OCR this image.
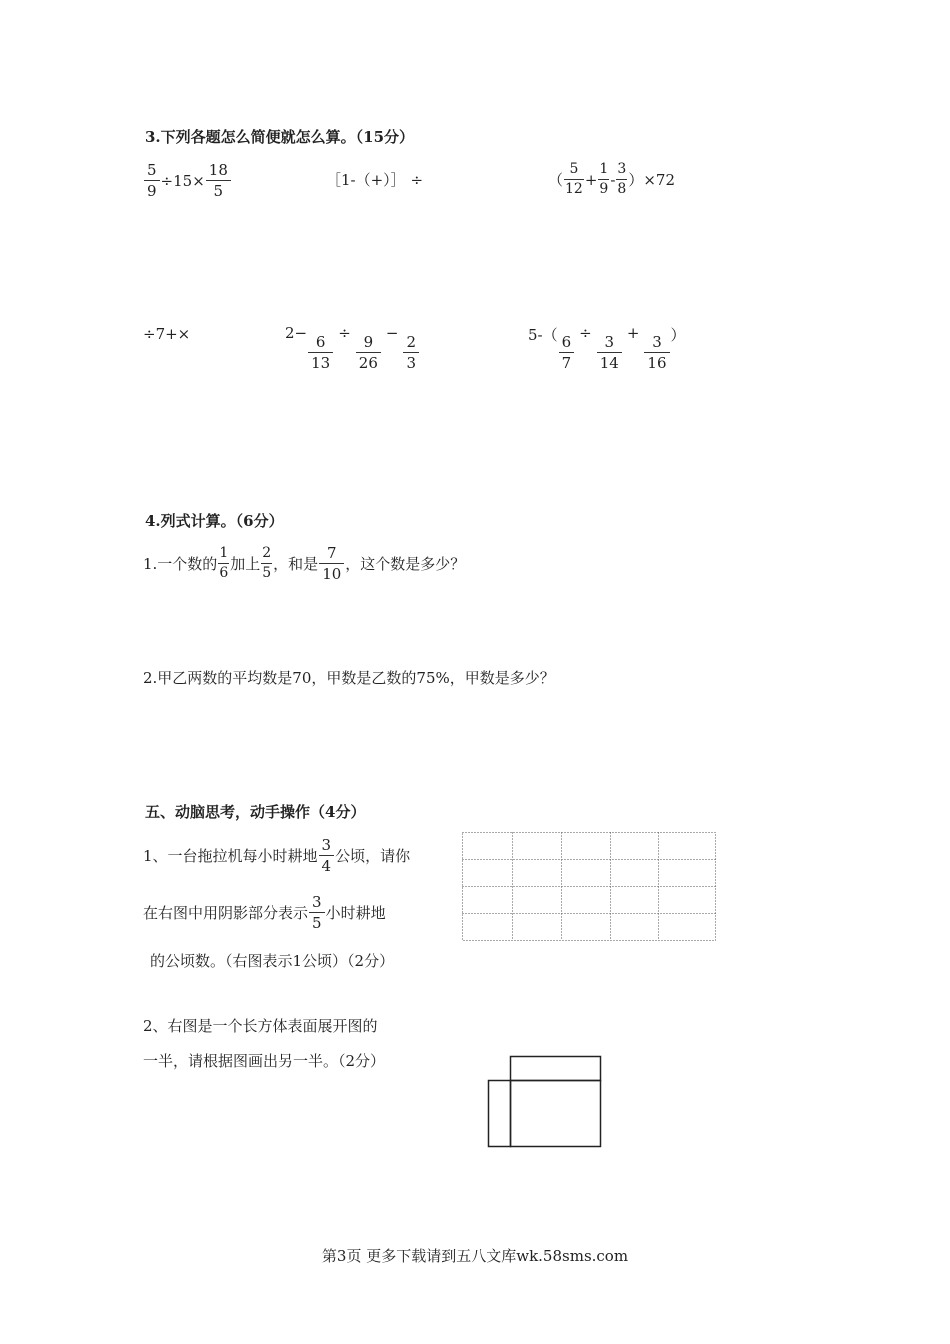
3.下列各题怎么简便就怎么算。（15分）
$\frac{5}{9} \div 15\times \frac{18}{5}$	［1-（+）］ ÷	（ $\frac{5}{12} + \frac{1}{9} - \frac{3}{8} )\times 72$
÷7+×	$2- \frac{6}{13} \div \frac{9}{26} - \frac{2}{3}$	$5-( \frac{6}{7} \div \frac{3}{14} + \frac{3}{16}$ ）
4.列式计算。（6分）
1.一个数的 $\frac{1}{6}$ 加上 $\frac{2}{5}$ ，和是 $\frac{7}{10}$ ，这个数是多少？
2.甲乙两数的平均数是70，甲数是乙数的75%，甲数是多少？
五、动脑思考，动手操作（4分）
1、一台拖拉机每小时耕地 $\frac{3}{4}$ 公顷，请你
在右图中用阴影部分表示 $\frac{3}{5}$ 小时耕地
的公顷数。（右图表示1公顷）（2分）
2、右图是一个长方体表面展开图的
一半，请根据图画出另一半。（2分）
第3页 更多下载请到五八文库wk.58sms.com
